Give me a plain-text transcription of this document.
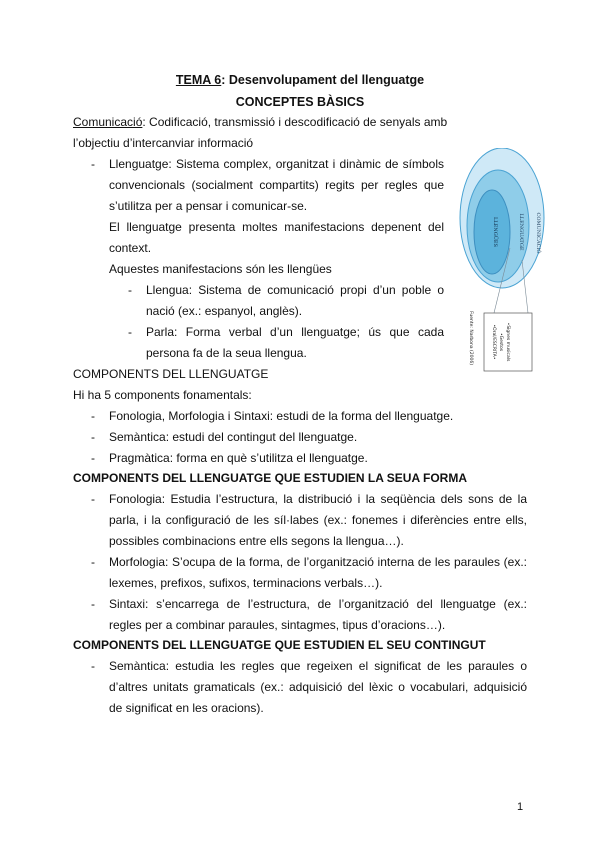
TEMA 6: Desenvolupament del llenguatge
CONCEPTES BÀSICS
Comunicació: Codificació, transmissió i descodificació de senyals amb
l’objectiu d’intercanviar informació
- Llenguatge: Sistema complex, organitzat i dinàmic de símbols
convencionals (socialment compartits) regits per regles que
s’utilitza per a pensar i comunicar-se.
El llenguatge presenta moltes manifestacions depenent del
context.
Aquestes manifestacions són les llengües
- Llengua: Sistema de comunicació propi d’un poble o
nació (ex.: espanyol, anglès).
- Parla: Forma verbal d’un llenguatge; ús que cada
persona fa de la seua llengua.
COMUNICACIÓ
LLENGUATGE
LLENGÜES
•Oral/ESCRITA• •Gestos •Signes musicals
Fuente: Narbona (2006)
COMPONENTS DEL LLENGUATGE
Hi ha 5 components fonamentals:
- Fonologia, Morfologia i Sintaxi: estudi de la forma del llenguatge.
- Semàntica: estudi del contingut del llenguatge.
- Pragmàtica: forma en què s’utilitza el llenguatge.
COMPONENTS DEL LLENGUATGE QUE ESTUDIEN LA SEUA FORMA
- Fonologia: Estudia l’estructura, la distribució i la seqüència dels sons de la
parla, i la configuració de les síl·labes (ex.: fonemes i diferències entre ells,
possibles combinacions entre ells segons la llengua…).
- Morfologia: S’ocupa de la forma, de l’organització interna de les paraules (ex.:
lexemes, prefixos, sufixos, terminacions verbals…).
- Sintaxi: s’encarrega de l’estructura, de l’organització del llenguatge (ex.:
regles per a combinar paraules, sintagmes, tipus d’oracions…).
COMPONENTS DEL LLENGUATGE QUE ESTUDIEN EL SEU CONTINGUT
- Semàntica: estudia les regles que regeixen el significat de les paraules o
d’altres unitats gramaticals (ex.: adquisició del lèxic o vocabulari, adquisició
de significat en les oracions).
1
